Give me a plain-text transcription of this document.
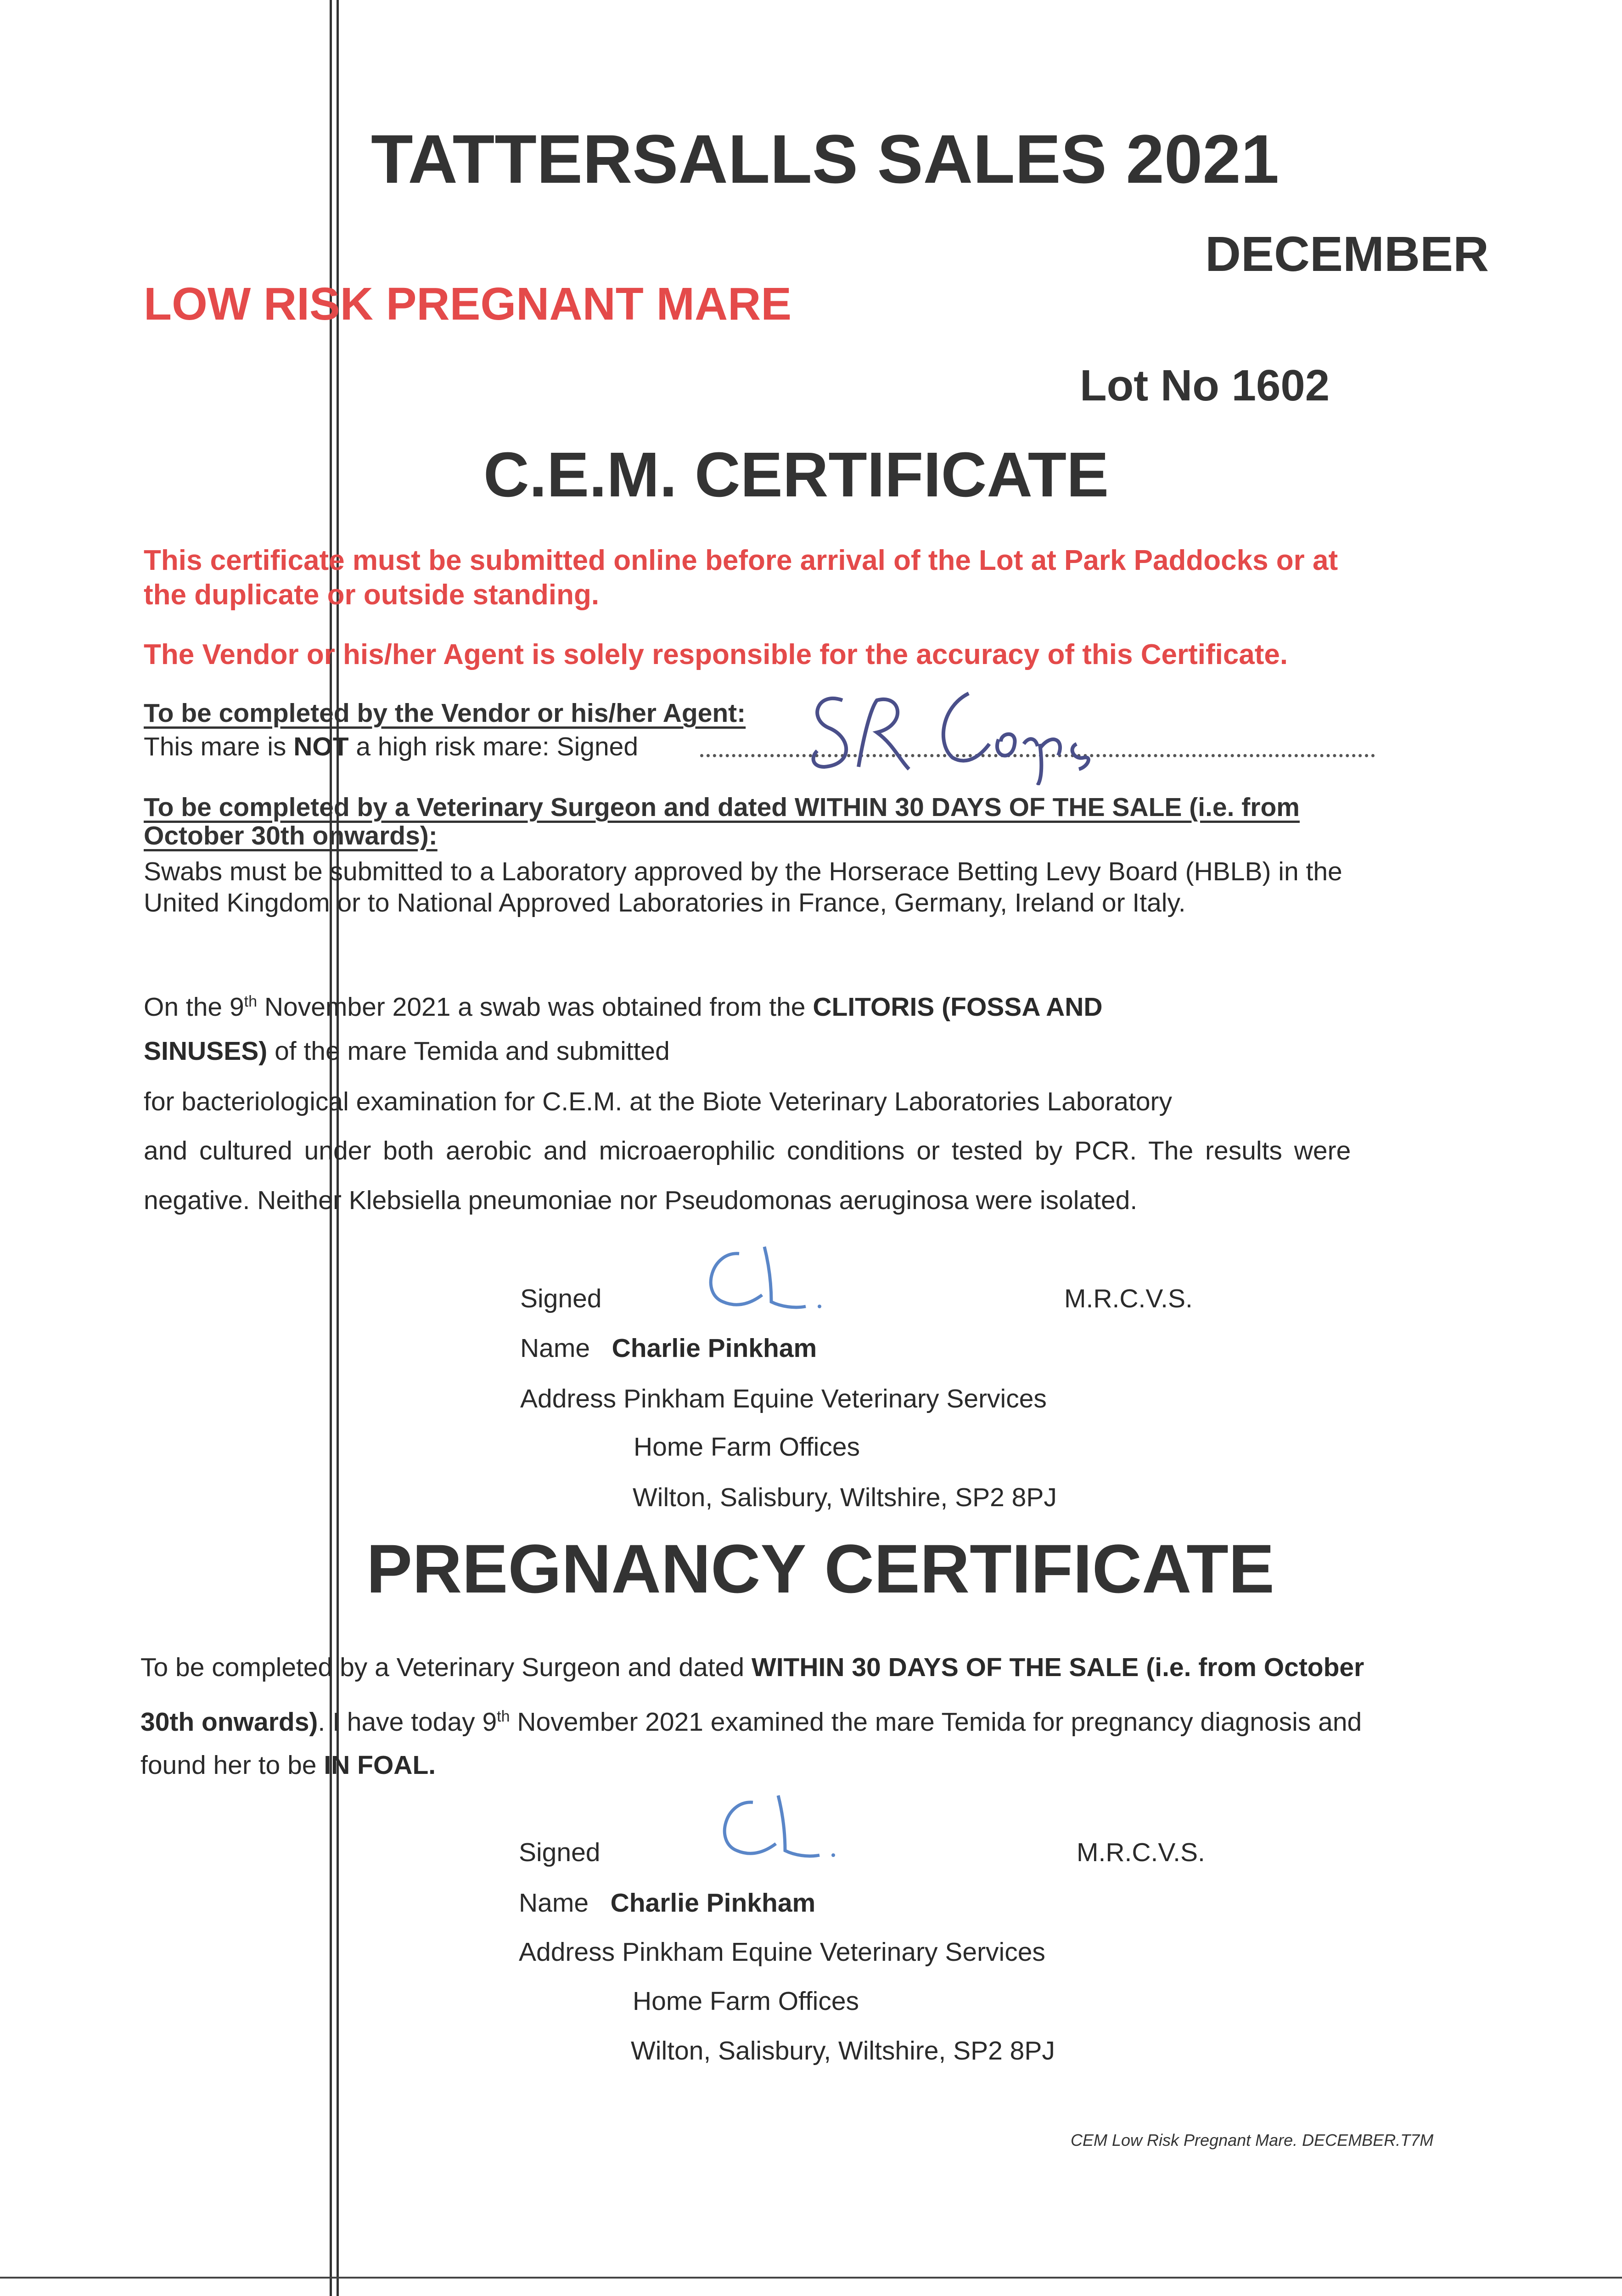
TATTERSALLS SALES 2021
DECEMBER
LOW RISK PREGNANT MARE
Lot No 1602
C.E.M. CERTIFICATE
This certificate must be submitted online before arrival of the Lot at Park Paddocks or at
the duplicate or outside standing.
The Vendor or his/her Agent is solely responsible for the accuracy of this Certificate.
To be completed by the Vendor or his/her Agent:
This mare is NOT a high risk mare: Signed
SR Corps
To be completed by a Veterinary Surgeon and dated WITHIN 30 DAYS OF THE SALE (i.e. from
October 30th onwards):
Swabs must be submitted to a Laboratory approved by the Horserace Betting Levy Board (HBLB) in the
United Kingdom or to National Approved Laboratories in France, Germany, Ireland or Italy.
On the 9th November 2021 a swab was obtained from the CLITORIS (FOSSA AND
SINUSES) of the mare Temida and submitted
for bacteriological examination for C.E.M. at the Biote Veterinary Laboratories Laboratory
and cultured under both aerobic and microaerophilic conditions or tested by PCR. The results were
negative. Neither Klebsiella pneumoniae nor Pseudomonas aeruginosa were isolated.
Signed	M.R.C.V.S.
Name Charlie Pinkham
Address Pinkham Equine Veterinary Services
Home Farm Offices
Wilton, Salisbury, Wiltshire, SP2 8PJ
PREGNANCY CERTIFICATE
To be completed by a Veterinary Surgeon and dated WITHIN 30 DAYS OF THE SALE (i.e. from October
30th onwards). I have today 9th November 2021 examined the mare Temida for pregnancy diagnosis and
found her to be IN FOAL.
Signed	M.R.C.V.S.
Name Charlie Pinkham
Address Pinkham Equine Veterinary Services
Home Farm Offices
Wilton, Salisbury, Wiltshire, SP2 8PJ
CEM Low Risk Pregnant Mare. DECEMBER.T7M
